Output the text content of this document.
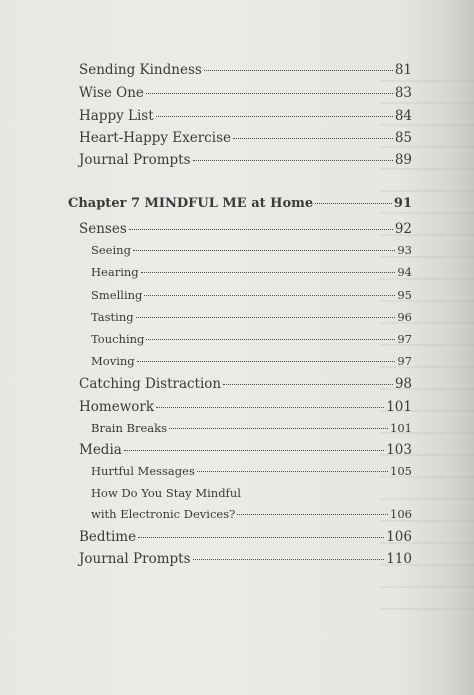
Sending Kindness	81
Wise One	83
Happy List	84
Heart-Happy Exercise	85
Journal Prompts	89
Chapter 7 MINDFUL ME at Home	91
Senses	92
Seeing	93
Hearing	94
Smelling	95
Tasting	96
Touching	97
Moving	97
Catching Distraction	98
Homework	101
Brain Breaks	101
Media	103
Hurtful Messages	105
How Do You Stay Mindful
with Electronic Devices?	106
Bedtime	106
Journal Prompts	110
